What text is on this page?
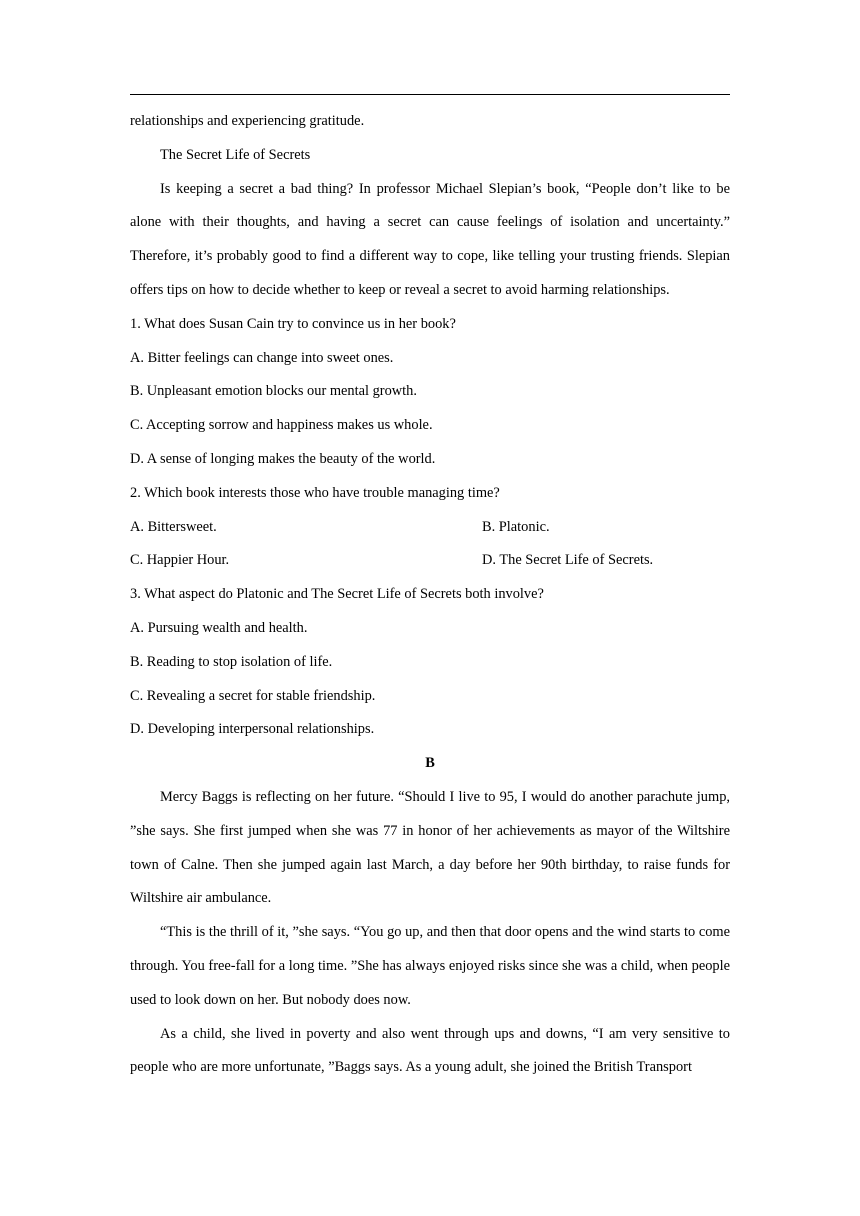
relationships and experiencing gratitude.

The Secret Life of Secrets

Is keeping a secret a bad thing? In professor Michael Slepian’s book, “People don’t like to be alone with their thoughts, and having a secret can cause feelings of isolation and uncertainty.” Therefore, it’s probably good to find a different way to cope, like telling your trusting friends. Slepian offers tips on how to decide whether to keep or reveal a secret to avoid harming relationships.

1. What does Susan Cain try to convince us in her book?

A. Bitter feelings can change into sweet ones.

B. Unpleasant emotion blocks our mental growth.

C. Accepting sorrow and happiness makes us whole.

D. A sense of longing makes the beauty of the world.

2. Which book interests those who have trouble managing time?

A. Bittersweet.	B. Platonic.
C. Happier Hour.	D. The Secret Life of Secrets.

3. What aspect do Platonic and The Secret Life of Secrets both involve?

A. Pursuing wealth and health.

B. Reading to stop isolation of life.

C. Revealing a secret for stable friendship.

D. Developing interpersonal relationships.

B

Mercy Baggs is reflecting on her future. “Should I live to 95, I would do another parachute jump, ”she says. She first jumped when she was 77 in honor of her achievements as mayor of the Wiltshire town of Calne. Then she jumped again last March, a day before her 90th birthday, to raise funds for Wiltshire air ambulance.

“This is the thrill of it, ”she says. “You go up, and then that door opens and the wind starts to come through. You free-fall for a long time. ”She has always enjoyed risks since she was a child, when people used to look down on her. But nobody does now.

As a child, she lived in poverty and also went through ups and downs, “I am very sensitive to people who are more unfortunate, ”Baggs says. As a young adult, she joined the British Transport
